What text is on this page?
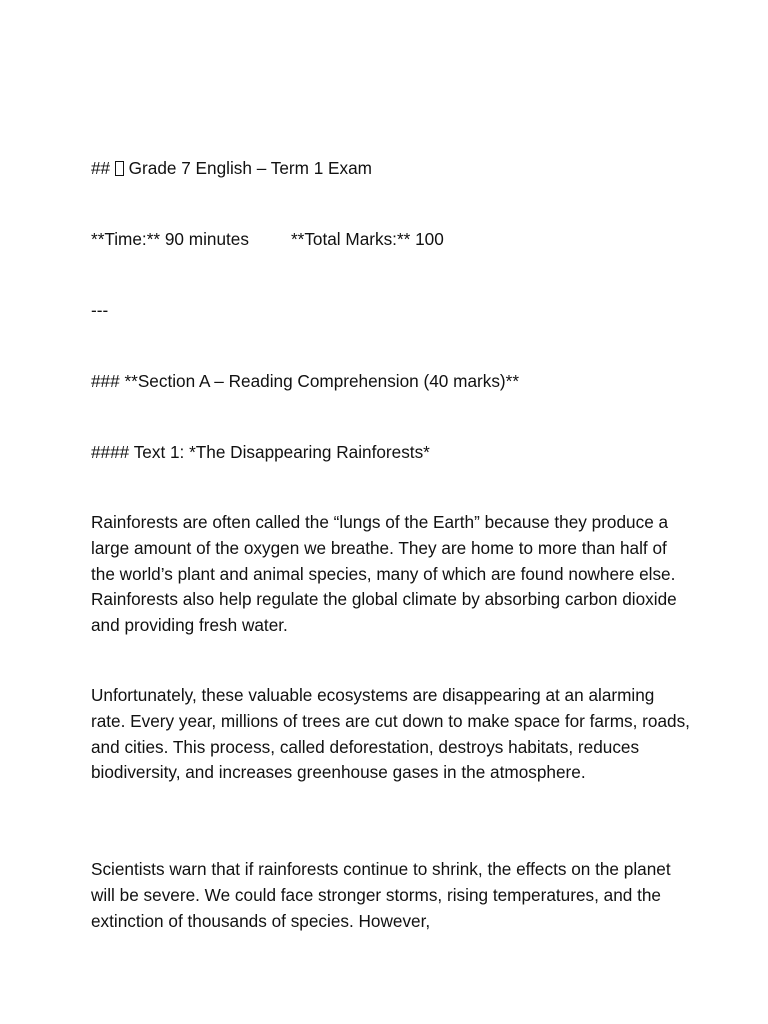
##  Grade 7 English – Term 1 Exam

**Time:** 90 minutes **Total Marks:** 100

---

### **Section A – Reading Comprehension (40 marks)**

#### Text 1: *The Disappearing Rainforests*

Rainforests are often called the “lungs of the Earth” because they produce a large amount of the oxygen we breathe. They are home to more than half of the world’s plant and animal species, many of which are found nowhere else. Rainforests also help regulate the global climate by absorbing carbon dioxide and providing fresh water.

Unfortunately, these valuable ecosystems are disappearing at an alarming rate. Every year, millions of trees are cut down to make space for farms, roads, and cities. This process, called deforestation, destroys habitats, reduces biodiversity, and increases greenhouse gases in the atmosphere.

Scientists warn that if rainforests continue to shrink, the effects on the planet will be severe. We could face stronger storms, rising temperatures, and the extinction of thousands of species. However,
